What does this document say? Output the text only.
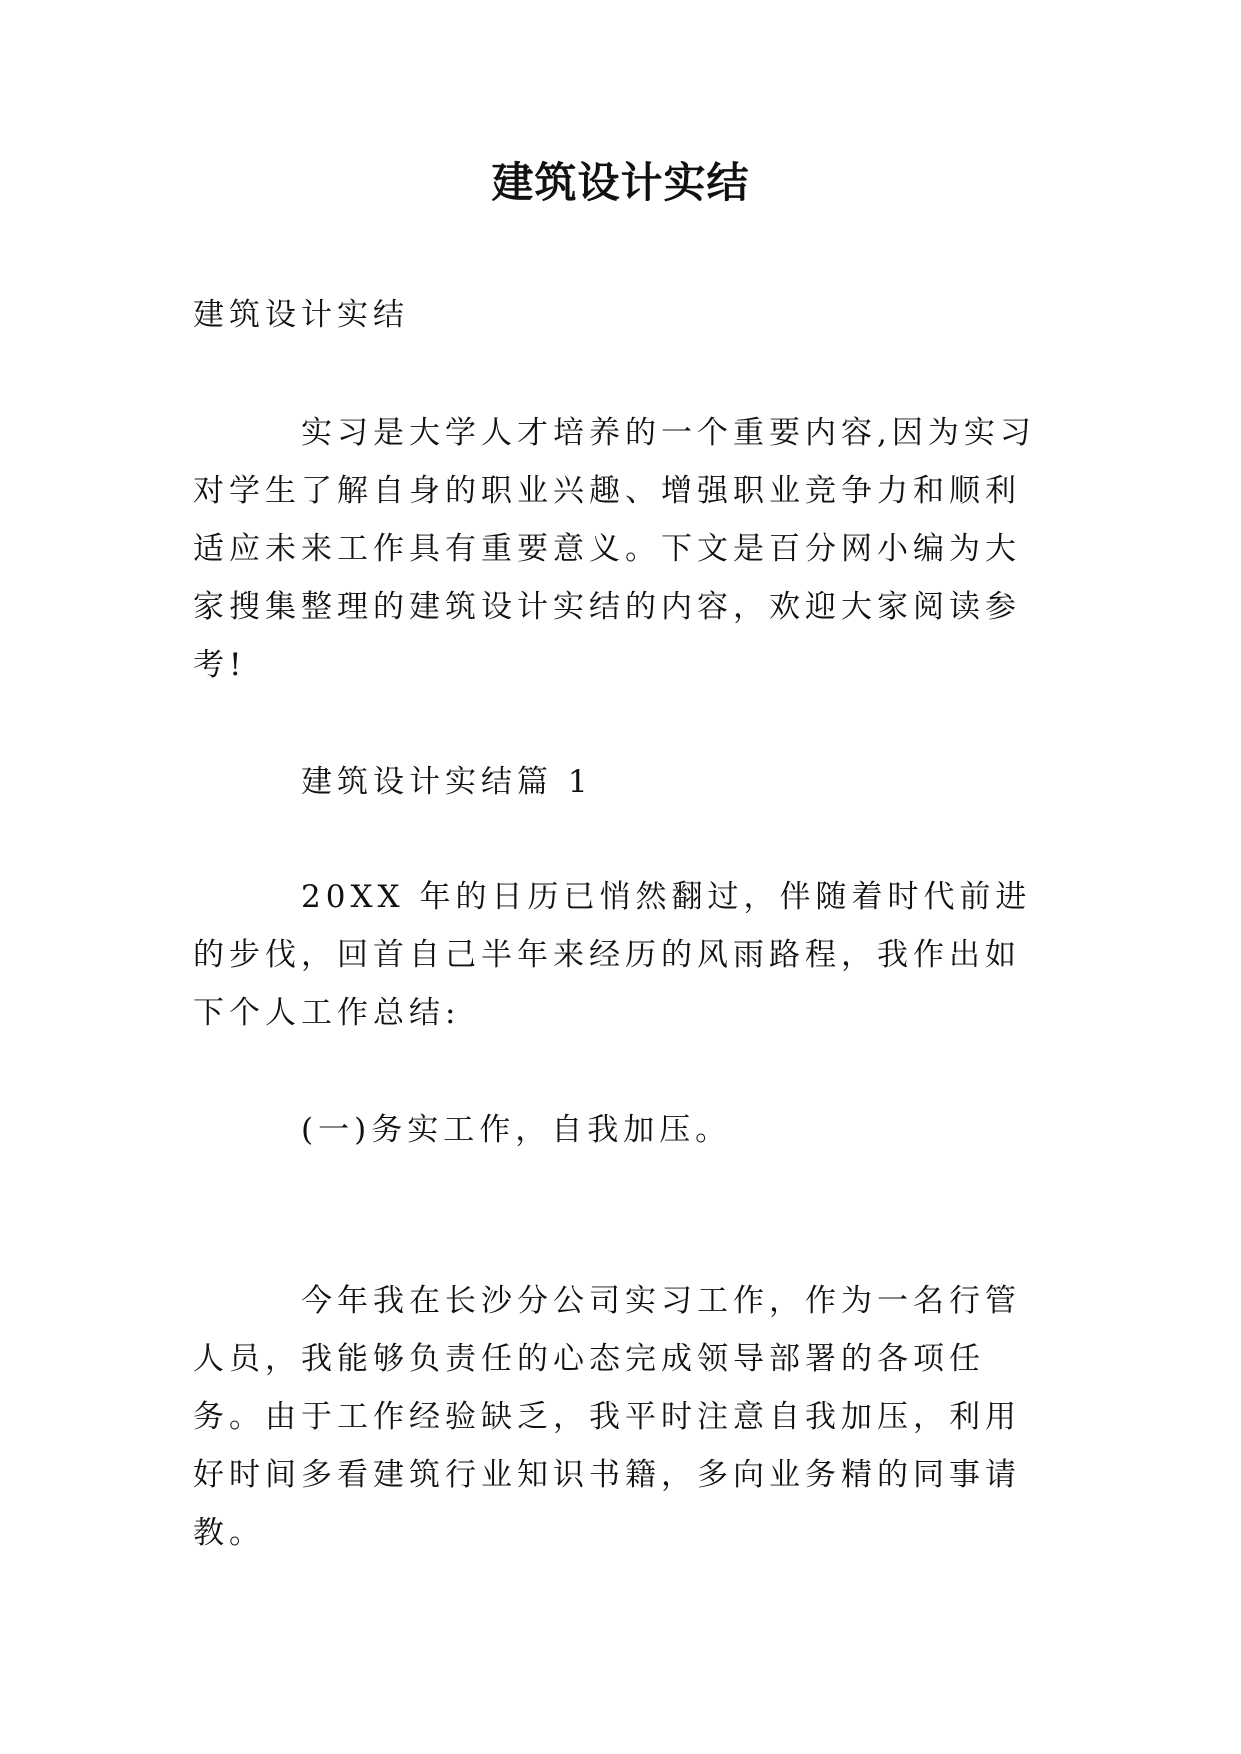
建筑设计实结

建筑设计实结

实习是大学人才培养的一个重要内容,因为实习对学生了解自身的职业兴趣、增强职业竞争力和顺利适应未来工作具有重要意义。下文是百分网小编为大家搜集整理的建筑设计实结的内容，欢迎大家阅读参考!

建筑设计实结篇 1

20XX 年的日历已悄然翻过，伴随着时代前进的步伐，回首自己半年来经历的风雨路程，我作出如下个人工作总结:

(一)务实工作，自我加压。

今年我在长沙分公司实习工作，作为一名行管人员，我能够负责任的心态完成领导部署的各项任务。由于工作经验缺乏，我平时注意自我加压，利用好时间多看建筑行业知识书籍，多向业务精的同事请教。
